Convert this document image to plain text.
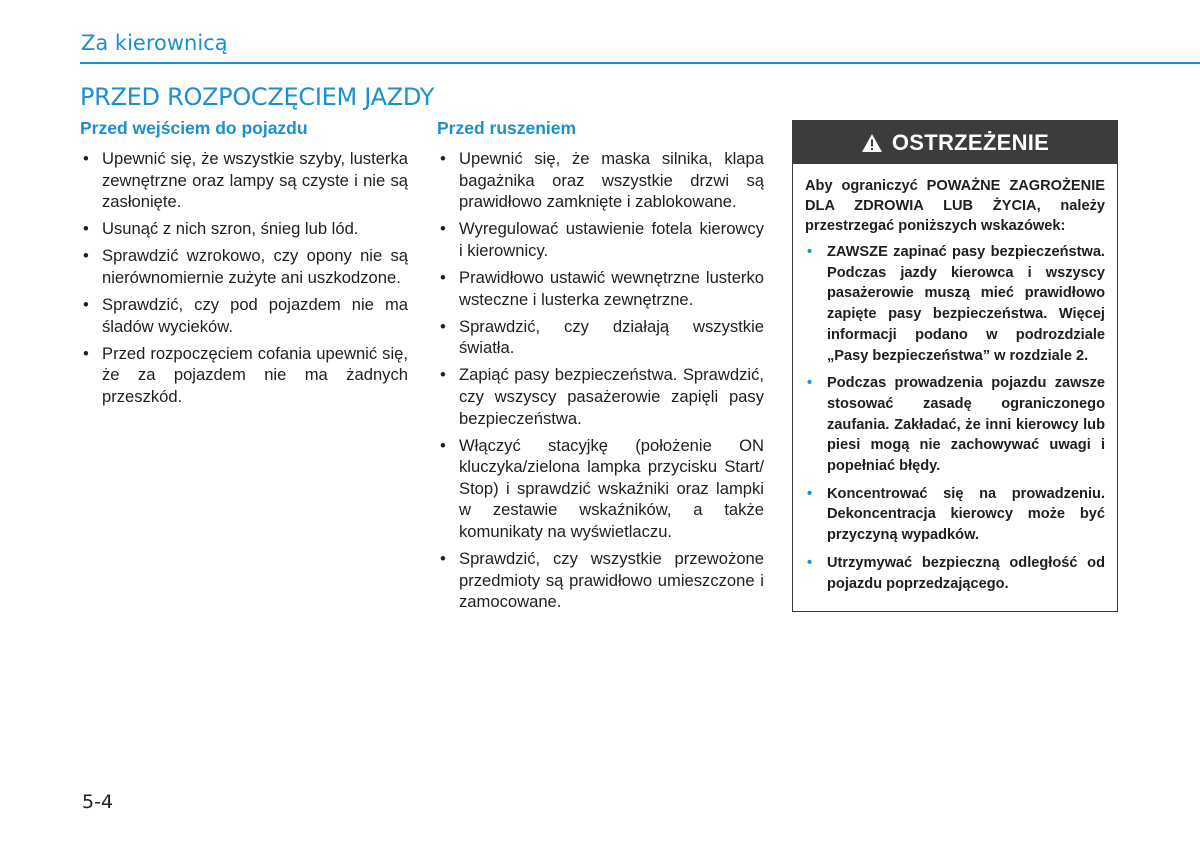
Za kierownicą
PRZED ROZPOCZĘCIEM JAZDY
Przed wejściem do pojazdu
• Upewnić się, że wszystkie szyby, lusterka zewnętrzne oraz lampy są czyste i nie są zasłonięte.
• Usunąć z nich szron, śnieg lub lód.
• Sprawdzić wzrokowo, czy opony nie są nierównomiernie zużyte ani uszkodzone.
• Sprawdzić, czy pod pojazdem nie ma śladów wycieków.
• Przed rozpoczęciem cofania upewnić się, że za pojazdem nie ma żadnych przeszkód.
Przed ruszeniem
• Upewnić się, że maska silnika, klapa bagażnika oraz wszystkie drzwi są prawidłowo zamknięte i zablokowane.
• Wyregulować ustawienie fotela kierowcy i kierownicy.
• Prawidłowo ustawić wewnętrzne lusterko wsteczne i lusterka zewnętrzne.
• Sprawdzić, czy działają wszystkie światła.
• Zapiąć pasy bezpieczeństwa. Sprawdzić, czy wszyscy pasażerowie zapięli pasy bezpieczeństwa.
• Włączyć stacyjkę (położenie ON kluczyka/zielona lampka przycisku Start/ Stop) i sprawdzić wskaźniki oraz lampki w zestawie wskaźników, a także komunikaty na wyświetlaczu.
• Sprawdzić, czy wszystkie przewożone przedmioty są prawidłowo umieszczone i zamocowane.
OSTRZEŻENIE

Aby ograniczyć POWAŻNE ZAGROŻENIE DLA ZDROWIA LUB ŻYCIA, należy przestrzegać poniższych wskazówek:

• ZAWSZE zapinać pasy bezpieczeństwa. Podczas jazdy kierowca i wszyscy pasażerowie muszą mieć prawidłowo zapięte pasy bezpieczeństwa. Więcej informacji podano w podrozdziale „Pasy bezpieczeństwa” w rozdziale 2.
• Podczas prowadzenia pojazdu zawsze stosować zasadę ograniczonego zaufania. Zakładać, że inni kierowcy lub piesi mogą nie zachowywać uwagi i popełniać błędy.
• Koncentrować się na prowadzeniu. Dekoncentracja kierowcy może być przyczyną wypadków.
• Utrzymywać bezpieczną odległość od pojazdu poprzedzającego.
5-4
